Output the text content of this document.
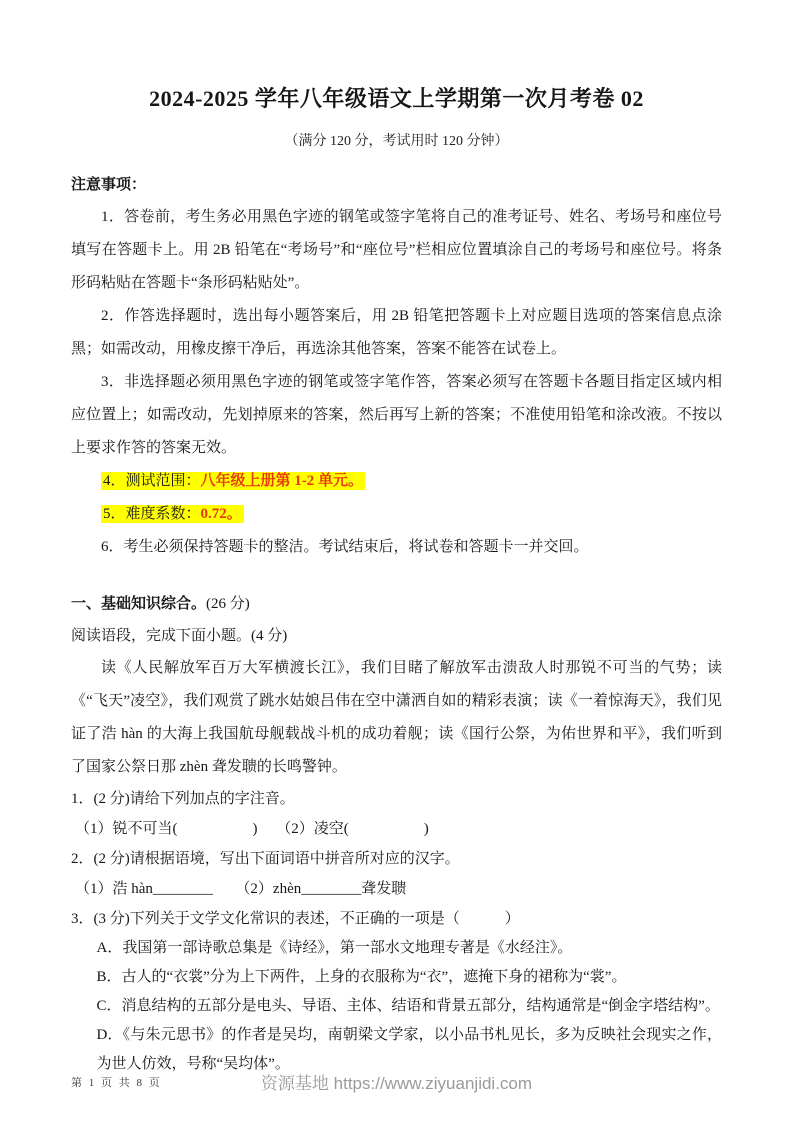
2024-2025 学年八年级语文上学期第一次月考卷 02
（满分 120 分，考试用时 120 分钟）
注意事项：

1．答卷前，考生务必用黑色字迹的钢笔或签字笔将自己的准考证号、姓名、考场号和座位号填写在答题卡上。用 2B 铅笔在“考场号”和“座位号”栏相应位置填涂自己的考场号和座位号。将条形码粘贴在答题卡“条形码粘贴处”。

2．作答选择题时，选出每小题答案后，用 2B 铅笔把答题卡上对应题目选项的答案信息点涂黑；如需改动，用橡皮擦干净后，再选涂其他答案，答案不能答在试卷上。

3．非选择题必须用黑色字迹的钢笔或签字笔作答，答案必须写在答题卡各题目指定区域内相应位置上；如需改动，先划掉原来的答案，然后再写上新的答案；不准使用铅笔和涂改液。不按以上要求作答的答案无效。

4．测试范围：八年级上册第 1-2 单元。

5．难度系数：0.72。

6．考生必须保持答题卡的整洁。考试结束后，将试卷和答题卡一并交回。

一、基础知识综合。(26 分)

阅读语段，完成下面小题。(4 分)

读《人民解放军百万大军横渡长江》，我们目睹了解放军击溃敌人时那锐不可当的气势；读《“飞天”凌空》，我们观赏了跳水姑娘吕伟在空中潇洒自如的精彩表演；读《一着惊海天》，我们见证了浩 hàn 的大海上我国航母舰载战斗机的成功着舰；读《国行公祭，为佑世界和平》，我们听到了国家公祭日那 zhèn 聋发聩的长鸣警钟。

1．(2 分)请给下列加点的字注音。

（1）锐不可当(　　　　　)　 （2）凌空(　　　　　)

2．(2 分)请根据语境，写出下面词语中拼音所对应的汉字。

（1）浩 hàn________　　（2）zhèn________聋发聩

3．(3 分)下列关于文学文化常识的表述，不正确的一项是（　　　）

A．我国第一部诗歌总集是《诗经》，第一部水文地理专著是《水经注》。

B．古人的“衣裳”分为上下两件，上身的衣服称为“衣”，遮掩下身的裙称为“裳”。

C．消息结构的五部分是电头、导语、主体、结语和背景五部分，结构通常是“倒金字塔结构”。

D．《与朱元思书》的作者是吴均，南朝梁文学家，以小品书札见长，多为反映社会现实之作，为世人仿效，号称“吴均体”。

第 1 页 共 8 页	资源基地 https://www.ziyuanjidi.com
